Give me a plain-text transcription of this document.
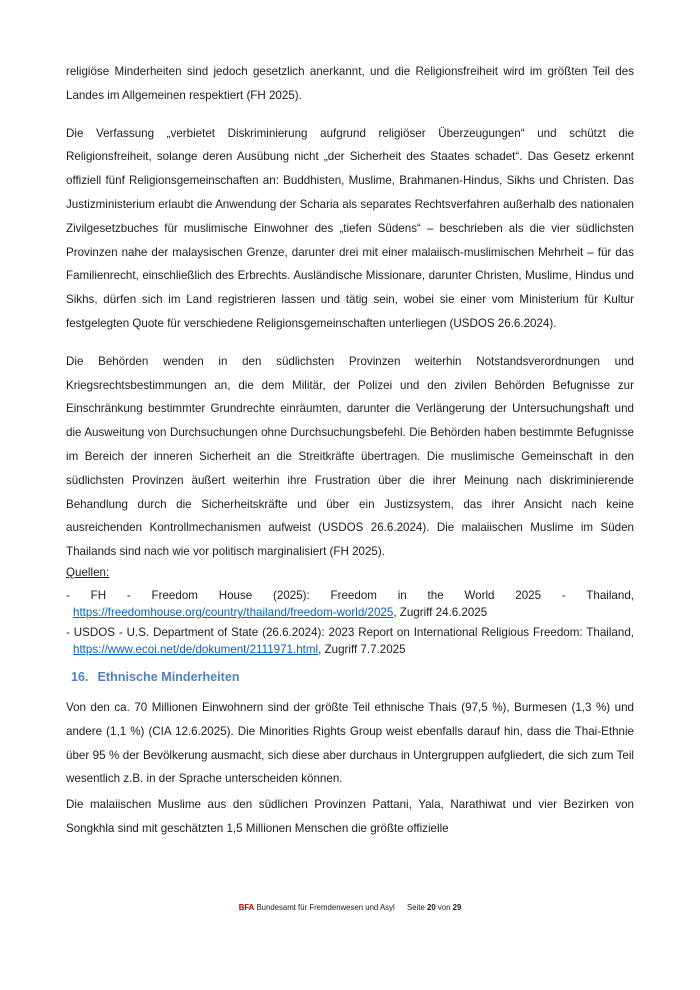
religiöse Minderheiten sind jedoch gesetzlich anerkannt, und die Religionsfreiheit wird im größten Teil des Landes im Allgemeinen respektiert (FH 2025).

Die Verfassung „verbietet Diskriminierung aufgrund religiöser Überzeugungen“ und schützt die Religionsfreiheit, solange deren Ausübung nicht „der Sicherheit des Staates schadet“. Das Gesetz erkennt offiziell fünf Religionsgemeinschaften an: Buddhisten, Muslime, Brahmanen-Hindus, Sikhs und Christen. Das Justizministerium erlaubt die Anwendung der Scharia als separates Rechtsverfahren außerhalb des nationalen Zivilgesetzbuches für muslimische Einwohner des „tiefen Südens“ – beschrieben als die vier südlichsten Provinzen nahe der malaysischen Grenze, darunter drei mit einer malaiisch-muslimischen Mehrheit – für das Familienrecht, einschließlich des Erbrechts. Ausländische Missionare, darunter Christen, Muslime, Hindus und Sikhs, dürfen sich im Land registrieren lassen und tätig sein, wobei sie einer vom Ministerium für Kultur festgelegten Quote für verschiedene Religionsgemeinschaften unterliegen (USDOS 26.6.2024).

Die Behörden wenden in den südlichsten Provinzen weiterhin Notstandsverordnungen und Kriegsrechtsbestimmungen an, die dem Militär, der Polizei und den zivilen Behörden Befugnisse zur Einschränkung bestimmter Grundrechte einräumten, darunter die Verlängerung der Untersuchungshaft und die Ausweitung von Durchsuchungen ohne Durchsuchungsbefehl. Die Behörden haben bestimmte Befugnisse im Bereich der inneren Sicherheit an die Streitkräfte übertragen. Die muslimische Gemeinschaft in den südlichsten Provinzen äußert weiterhin ihre Frustration über die ihrer Meinung nach diskriminierende Behandlung durch die Sicherheitskräfte und über ein Justizsystem, das ihrer Ansicht nach keine ausreichenden Kontrollmechanismen aufweist (USDOS 26.6.2024). Die malaiischen Muslime im Süden Thailands sind nach wie vor politisch marginalisiert (FH 2025).

Quellen:

- FH - Freedom House (2025): Freedom in the World 2025 - Thailand, https://freedomhouse.org/country/thailand/freedom-world/2025, Zugriff 24.6.2025

- USDOS - U.S. Department of State (26.6.2024): 2023 Report on International Religious Freedom: Thailand, https://www.ecoi.net/de/dokument/2111971.html, Zugriff 7.7.2025

16. Ethnische Minderheiten

Von den ca. 70 Millionen Einwohnern sind der größte Teil ethnische Thais (97,5 %), Burmesen (1,3 %) und andere (1,1 %) (CIA 12.6.2025). Die Minorities Rights Group weist ebenfalls darauf hin, dass die Thai-Ethnie über 95 % der Bevölkerung ausmacht, sich diese aber durchaus in Untergruppen aufgliedert, die sich zum Teil wesentlich z.B. in der Sprache unterscheiden können.

Die malaiischen Muslime aus den südlichen Provinzen Pattani, Yala, Narathiwat und vier Bezirken von Songkhla sind mit geschätzten 1,5 Millionen Menschen die größte offizielle

BFA Bundesamt für Fremdenwesen und Asyl Seite 20 von 29
